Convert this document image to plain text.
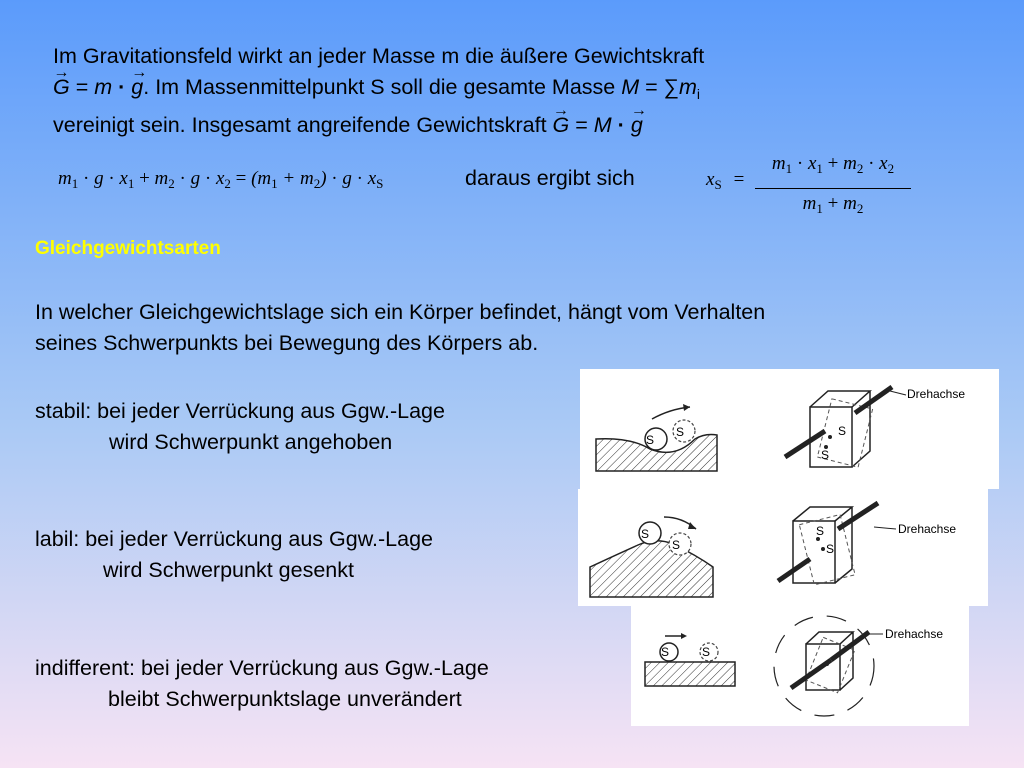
Im Gravitationsfeld wirkt an jeder Masse m die äußere Gewichtskraft
→ G = m · → g. Im Massenmittelpunkt S soll die gesamte Masse $M = \sum m_i$
vereinigt sein. Insgesamt angreifende Gewichtskraft → G = M · → g
$m_1 \cdot g \cdot x_1 + m_2 \cdot g \cdot x_2 = (m_1 + m_2) \cdot g \cdot x_S$	daraus ergibt sich	$x_S$ =
$m_1 \cdot x_1 + m_2 \cdot x_2$
$m_1 + m_2$
Gleichgewichtsarten
In welcher Gleichgewichtslage sich ein Körper befindet, hängt vom Verhalten
seines Schwerpunkts bei Bewegung des Körpers ab.
stabil: bei jeder Verrückung aus Ggw.-Lage
wird Schwerpunkt angehoben
labil: bei jeder Verrückung aus Ggw.-Lage
wird Schwerpunkt gesenkt
indifferent: bei jeder Verrückung aus Ggw.-Lage
bleibt Schwerpunktslage unverändert
S
S	S
S
Drehachse
S
S
S
S
Drehachse
S	S
Drehachse
